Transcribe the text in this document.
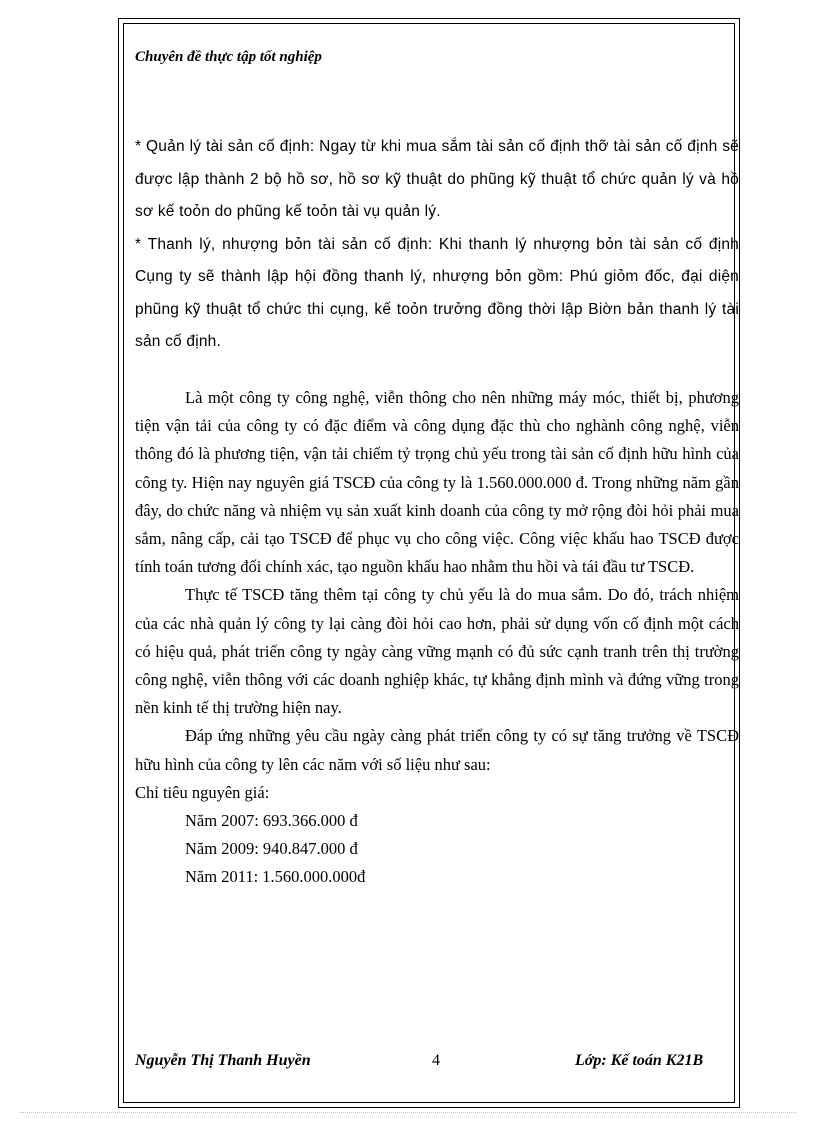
Chuyên đề thực tập tốt nghiệp

* Quản lý tài sản cố định: Ngay từ khi mua sắm tài sản cố định thỡ tài sản cố định sẽ được lập thành 2 bộ hồ sơ, hồ sơ kỹ thuật do phũng kỹ thuật tổ chức quản lý và hồ sơ kế toỏn do phũng kế toỏn tài vụ quản lý.

* Thanh lý, nhượng bỏn tài sản cố định: Khi thanh lý nhượng bỏn tài sản cố định Cụng ty sẽ thành lập hội đồng thanh lý, nhượng bỏn gồm: Phú giỏm đốc, đại diện phũng kỹ thuật tổ chức thi cụng, kế toỏn trưởng đồng thời lập Biờn bản thanh lý tài sản cố định.

Là một công ty công nghệ, viễn thông cho nên những máy móc, thiết bị, phương tiện vận tải của công ty có đặc điểm và công dụng đặc thù cho nghành công nghệ, viễn thông đó là phương tiện, vận tải chiếm tỷ trọng chủ yếu trong tài sản cố định hữu hình của công ty. Hiện nay nguyên giá TSCĐ của công ty là 1.560.000.000 đ. Trong những năm gần đây, do chức năng và nhiệm vụ sản xuất kinh doanh của công ty mở rộng đòi hỏi phải mua sắm, nâng cấp, cải tạo TSCĐ để phục vụ cho công việc. Công việc khấu hao TSCĐ được tính toán tương đối chính xác, tạo nguồn khấu hao nhằm thu hồi và tái đầu tư TSCĐ.

Thực tế TSCĐ tăng thêm tại công ty chủ yếu là do mua sắm. Do đó, trách nhiệm của các nhà quản lý công ty lại càng đòi hỏi cao hơn, phải sử dụng vốn cố định một cách có hiệu quả, phát triển công ty ngày càng vững mạnh có đủ sức cạnh tranh trên thị trường công nghệ, viễn thông với các doanh nghiệp khác, tự khẳng định mình và đứng vững trong nền kinh tế thị trường hiện nay.

Đáp ứng những yêu cầu ngày càng phát triển công ty có sự tăng trưởng về TSCĐ hữu hình của công ty lên các năm với số liệu như sau:

Chỉ tiêu nguyên giá:

Năm 2007: 693.366.000 đ
Năm 2009: 940.847.000 đ
Năm 2011: 1.560.000.000đ
Nguyễn Thị Thanh Huyền	4	Lớp: Kế toán K21B
